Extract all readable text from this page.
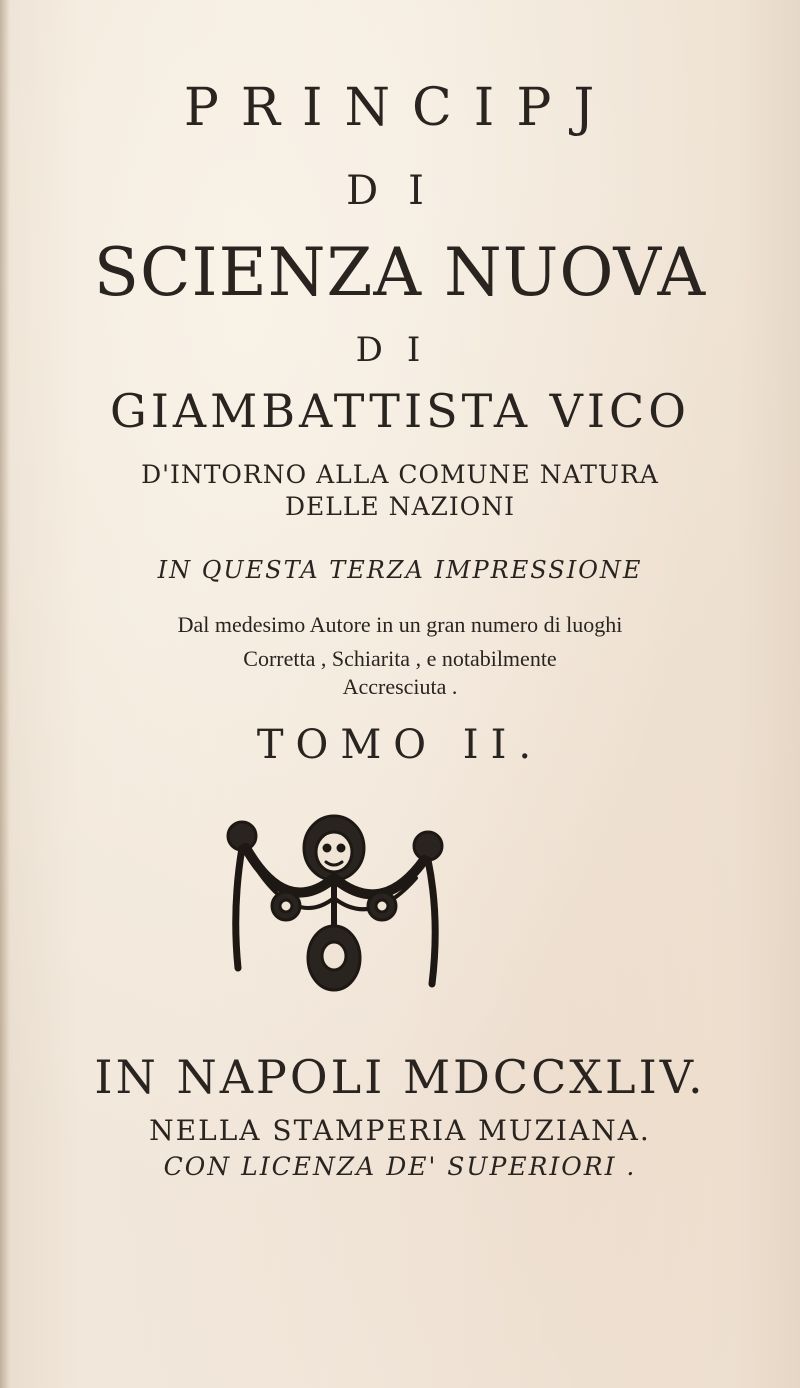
PRINCIPJ
DI
SCIENZA NUOVA
DI
GIAMBATTISTA VICO
D'INTORNO ALLA COMUNE NATURA
DELLE NAZIONI
IN QUESTA TERZA IMPRESSIONE
Dal medesimo Autore in un gran numero di luoghi
Corretta , Schiarita , e notabilmente
Accresciuta .
TOMO II.
IN NAPOLI MDCCXLIV.
NELLA STAMPERIA MUZIANA.
CON LICENZA DE' SUPERIORI .
